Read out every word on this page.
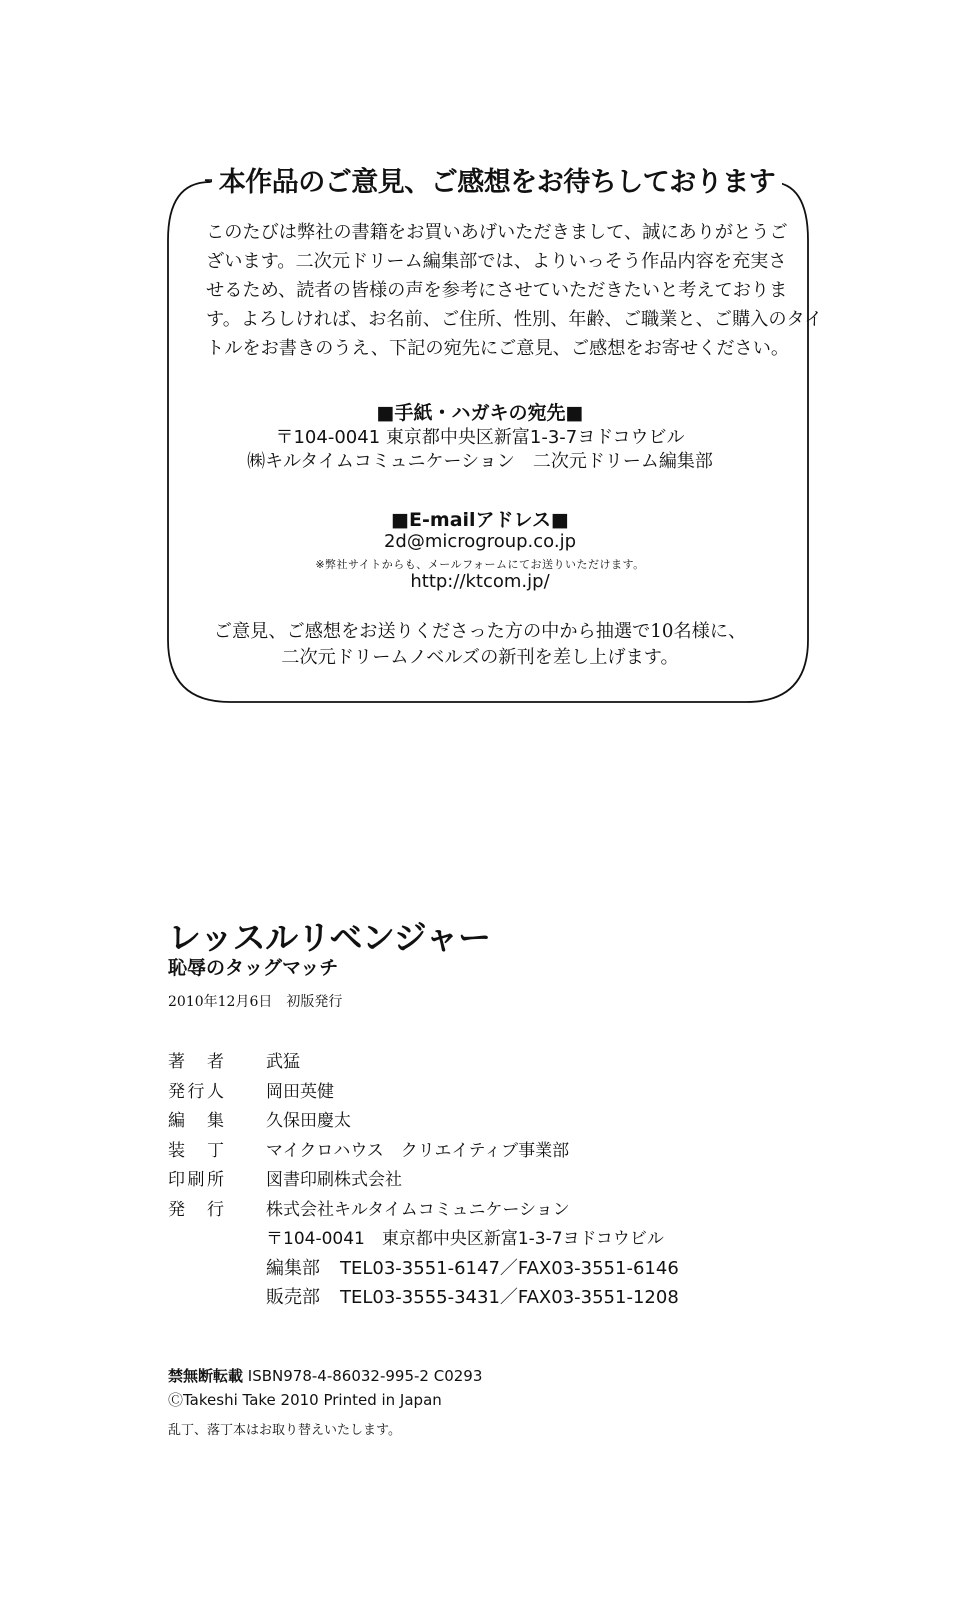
本作品のご意見、ご感想をお待ちしております
このたびは弊社の書籍をお買いあげいただきまして、誠にありがとうご
ざいます。二次元ドリーム編集部では、よりいっそう作品内容を充実さ
せるため、読者の皆様の声を参考にさせていただきたいと考えておりま
す。よろしければ、お名前、ご住所、性別、年齢、ご職業と、ご購入のタイ
トルをお書きのうえ、下記の宛先にご意見、ご感想をお寄せください。
■手紙・ハガキの宛先■
〒104-0041 東京都中央区新富1-3-7ヨドコウビル
㈱キルタイムコミュニケーション　二次元ドリーム編集部
■E-mailアドレス■
2d@microgroup.co.jp
※弊社サイトからも、メールフォームにてお送りいただけます。
http://ktcom.jp/
ご意見、ご感想をお送りくださった方の中から抽選で10名様に、
二次元ドリームノベルズの新刊を差し上げます。
レッスルリベンジャー
恥辱のタッグマッチ
2010年12月6日　初版発行
著者 武猛
発行人 岡田英健
編集 久保田慶太
装丁 マイクロハウス　クリエイティブ事業部
印刷所 図書印刷株式会社
発行 株式会社キルタイムコミュニケーション
〒104-0041　東京都中央区新富1-3-7ヨドコウビル
編集部 TEL03-3551-6147／FAX03-3551-6146
販売部 TEL03-3555-3431／FAX03-3551-1208
禁無断転載 ISBN978-4-86032-995-2 C0293
ⒸTakeshi Take 2010 Printed in Japan
乱丁、落丁本はお取り替えいたします。
